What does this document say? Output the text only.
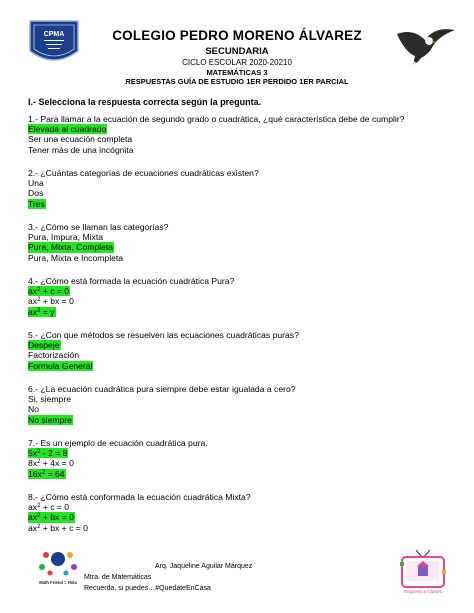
CPMA	COLEGIO PEDRO MORENO ÁLVAREZ
SECUNDARIA
CICLO ESCOLAR 2020-20210
MATEMÁTICAS 3
RESPUESTAS GUÍA DE ESTUDIO 1ER PERDIDO 1ER PARCIAL
I.- Selecciona la respuesta correcta según la pregunta.
1.- Para llamar a la ecuación de segundo grado o cuadrática, ¿qué característica debe de cumplir?
Elevada al cuadrado
Ser una ecuación completa
Tener más de una incógnita
2.- ¿Cuántas categorías de ecuaciones cuadráticas existen?
Una
Dos
Tres
3.- ¿Cómo se llaman las categorías?
Pura, Impura, Mixta
Pura, Mixta, Completa
Pura, Mixta e Incompleta
4.- ¿Cómo está formada la ecuación cuadrática Pura?
$ax^2 + c = 0$
$ax^2$ + bx = 0
$ax^2 = y$
5.- ¿Con que métodos se resuelven las ecuaciones cuadráticas puras?
Despeje
Factorización
Formula General
6.- ¿La ecuación cuadrática pura siempre debe estar igualada a cero?
Si, siempre
No
No siempre
7.- Es un ejemplo de ecuación cuadrática pura.
$5x^2 - 2 = 8$
$8x^2 + 4x = 0$
$16x^2 = 64$
8.- ¿Cómo está conformada la ecuación cuadrática Mixta?
$ax^2 + c = 0$
$ax^2$ + bx = 0
$ax^2$ + bx + c = 0
Math Friend = Hola
Arq. Jaqueline Aguilar Márquez
Mtra. de Matemáticas
Recuerda, si puedes…#QuedateEnCasa
Regreso a Clases
